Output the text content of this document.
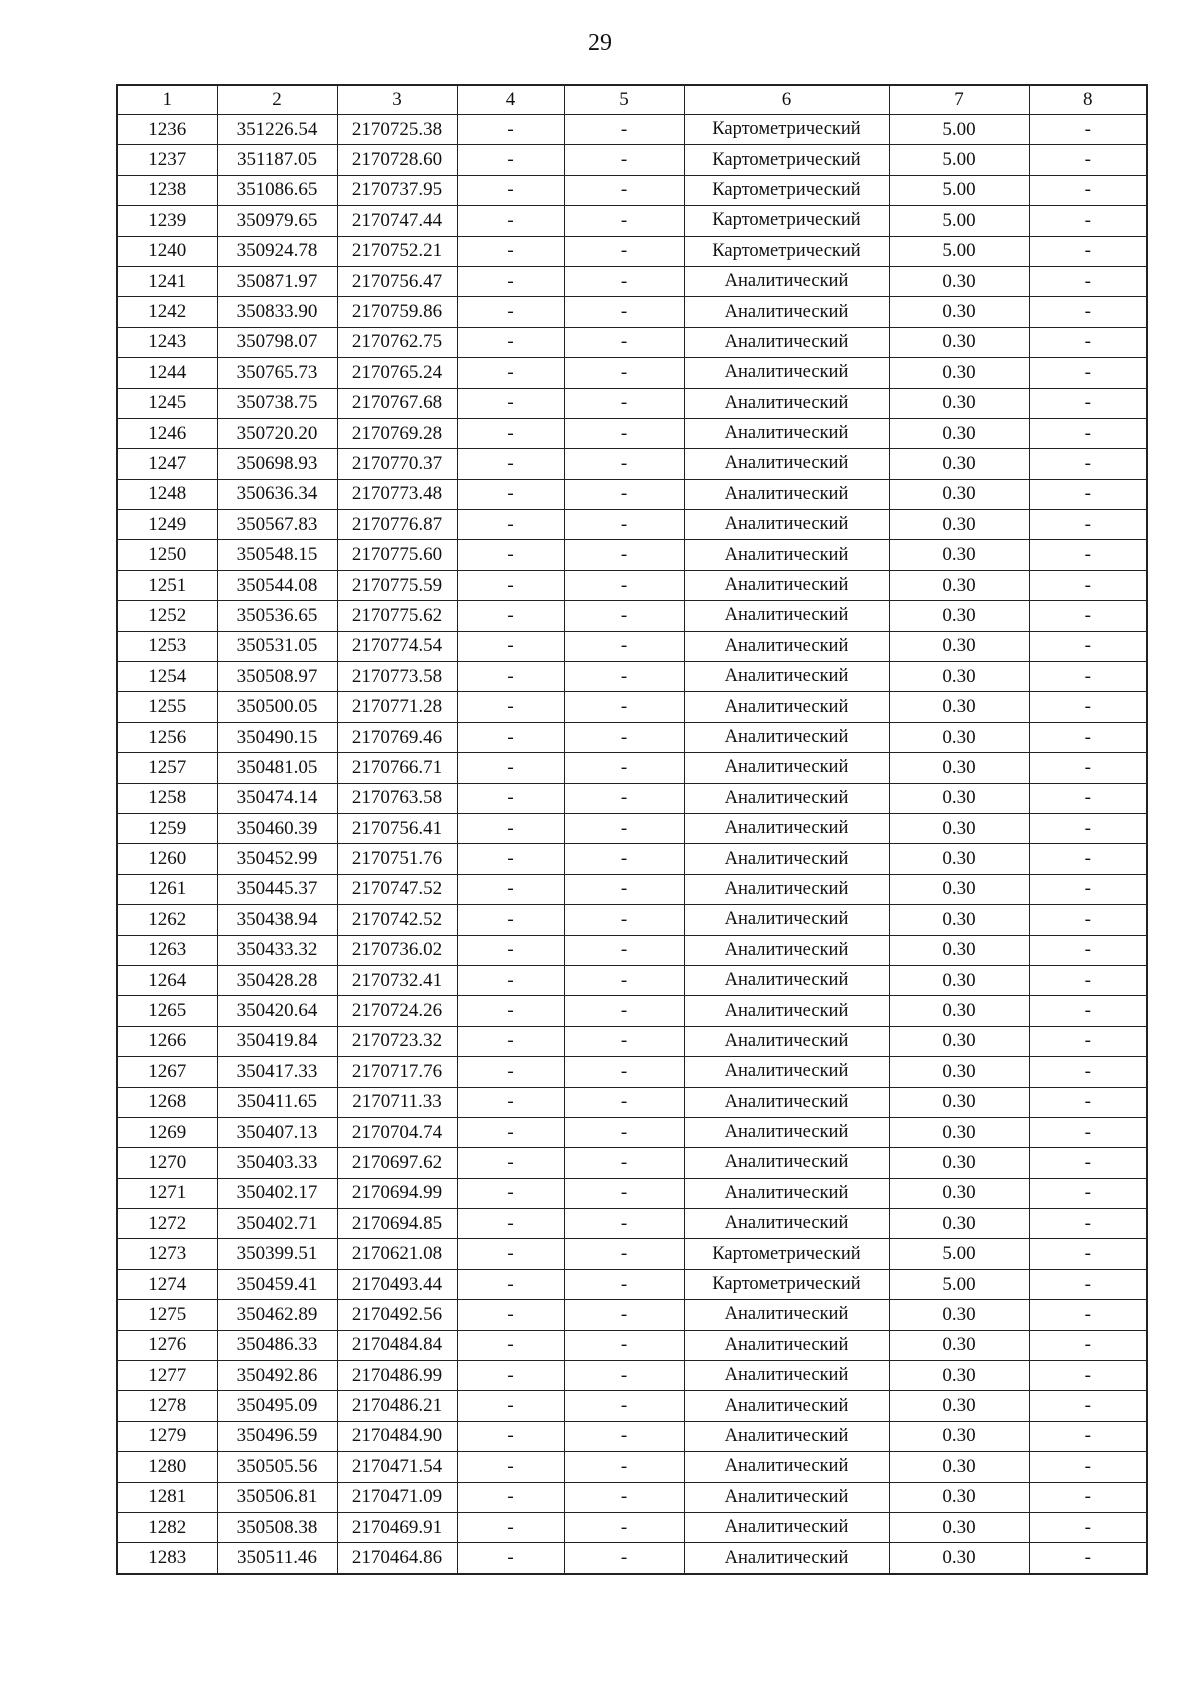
29
1	2	3	4	5	6	7	8
1236	351226.54	2170725.38	-	-	Картометрический	5.00	-
1237	351187.05	2170728.60	-	-	Картометрический	5.00	-
1238	351086.65	2170737.95	-	-	Картометрический	5.00	-
1239	350979.65	2170747.44	-	-	Картометрический	5.00	-
1240	350924.78	2170752.21	-	-	Картометрический	5.00	-
1241	350871.97	2170756.47	-	-	Аналитический	0.30	-
1242	350833.90	2170759.86	-	-	Аналитический	0.30	-
1243	350798.07	2170762.75	-	-	Аналитический	0.30	-
1244	350765.73	2170765.24	-	-	Аналитический	0.30	-
1245	350738.75	2170767.68	-	-	Аналитический	0.30	-
1246	350720.20	2170769.28	-	-	Аналитический	0.30	-
1247	350698.93	2170770.37	-	-	Аналитический	0.30	-
1248	350636.34	2170773.48	-	-	Аналитический	0.30	-
1249	350567.83	2170776.87	-	-	Аналитический	0.30	-
1250	350548.15	2170775.60	-	-	Аналитический	0.30	-
1251	350544.08	2170775.59	-	-	Аналитический	0.30	-
1252	350536.65	2170775.62	-	-	Аналитический	0.30	-
1253	350531.05	2170774.54	-	-	Аналитический	0.30	-
1254	350508.97	2170773.58	-	-	Аналитический	0.30	-
1255	350500.05	2170771.28	-	-	Аналитический	0.30	-
1256	350490.15	2170769.46	-	-	Аналитический	0.30	-
1257	350481.05	2170766.71	-	-	Аналитический	0.30	-
1258	350474.14	2170763.58	-	-	Аналитический	0.30	-
1259	350460.39	2170756.41	-	-	Аналитический	0.30	-
1260	350452.99	2170751.76	-	-	Аналитический	0.30	-
1261	350445.37	2170747.52	-	-	Аналитический	0.30	-
1262	350438.94	2170742.52	-	-	Аналитический	0.30	-
1263	350433.32	2170736.02	-	-	Аналитический	0.30	-
1264	350428.28	2170732.41	-	-	Аналитический	0.30	-
1265	350420.64	2170724.26	-	-	Аналитический	0.30	-
1266	350419.84	2170723.32	-	-	Аналитический	0.30	-
1267	350417.33	2170717.76	-	-	Аналитический	0.30	-
1268	350411.65	2170711.33	-	-	Аналитический	0.30	-
1269	350407.13	2170704.74	-	-	Аналитический	0.30	-
1270	350403.33	2170697.62	-	-	Аналитический	0.30	-
1271	350402.17	2170694.99	-	-	Аналитический	0.30	-
1272	350402.71	2170694.85	-	-	Аналитический	0.30	-
1273	350399.51	2170621.08	-	-	Картометрический	5.00	-
1274	350459.41	2170493.44	-	-	Картометрический	5.00	-
1275	350462.89	2170492.56	-	-	Аналитический	0.30	-
1276	350486.33	2170484.84	-	-	Аналитический	0.30	-
1277	350492.86	2170486.99	-	-	Аналитический	0.30	-
1278	350495.09	2170486.21	-	-	Аналитический	0.30	-
1279	350496.59	2170484.90	-	-	Аналитический	0.30	-
1280	350505.56	2170471.54	-	-	Аналитический	0.30	-
1281	350506.81	2170471.09	-	-	Аналитический	0.30	-
1282	350508.38	2170469.91	-	-	Аналитический	0.30	-
1283	350511.46	2170464.86	-	-	Аналитический	0.30	-
